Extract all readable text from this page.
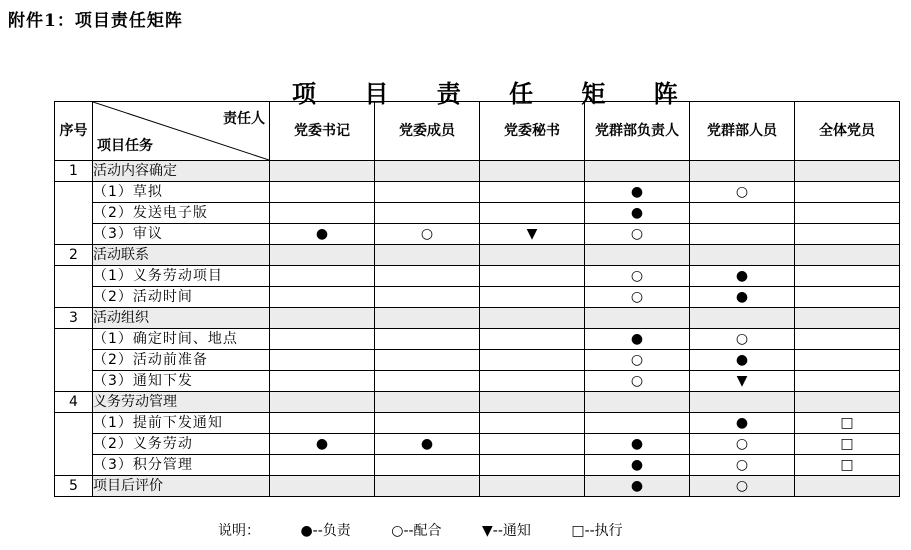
附件1：项目责任矩阵
项 目 责 任 矩 阵
序号	责任人
项目任务	党委书记	党委成员	党委秘书	党群部负责人	党群部人员	全体党员
1	活动内容确定						
	（1）草拟				●	○	
	（2）发送电子版				●		
	（3）审议	●	○	▼	○		
2	活动联系						
	（1）义务劳动项目				○	●	
	（2）活动时间				○	●	
3	活动组织						
	（1）确定时间、地点				●	○	
	（2）活动前准备				○	●	
	（3）通知下发				○	▼	
4	义务劳动管理						
	（1）提前下发通知					●	□
	（2）义务劳动	●	●		●	○	□
	（3）积分管理				●	○	□
5	项目后评价				●	○	
说明：	●--负责	○--配合	▼--通知	□--执行
